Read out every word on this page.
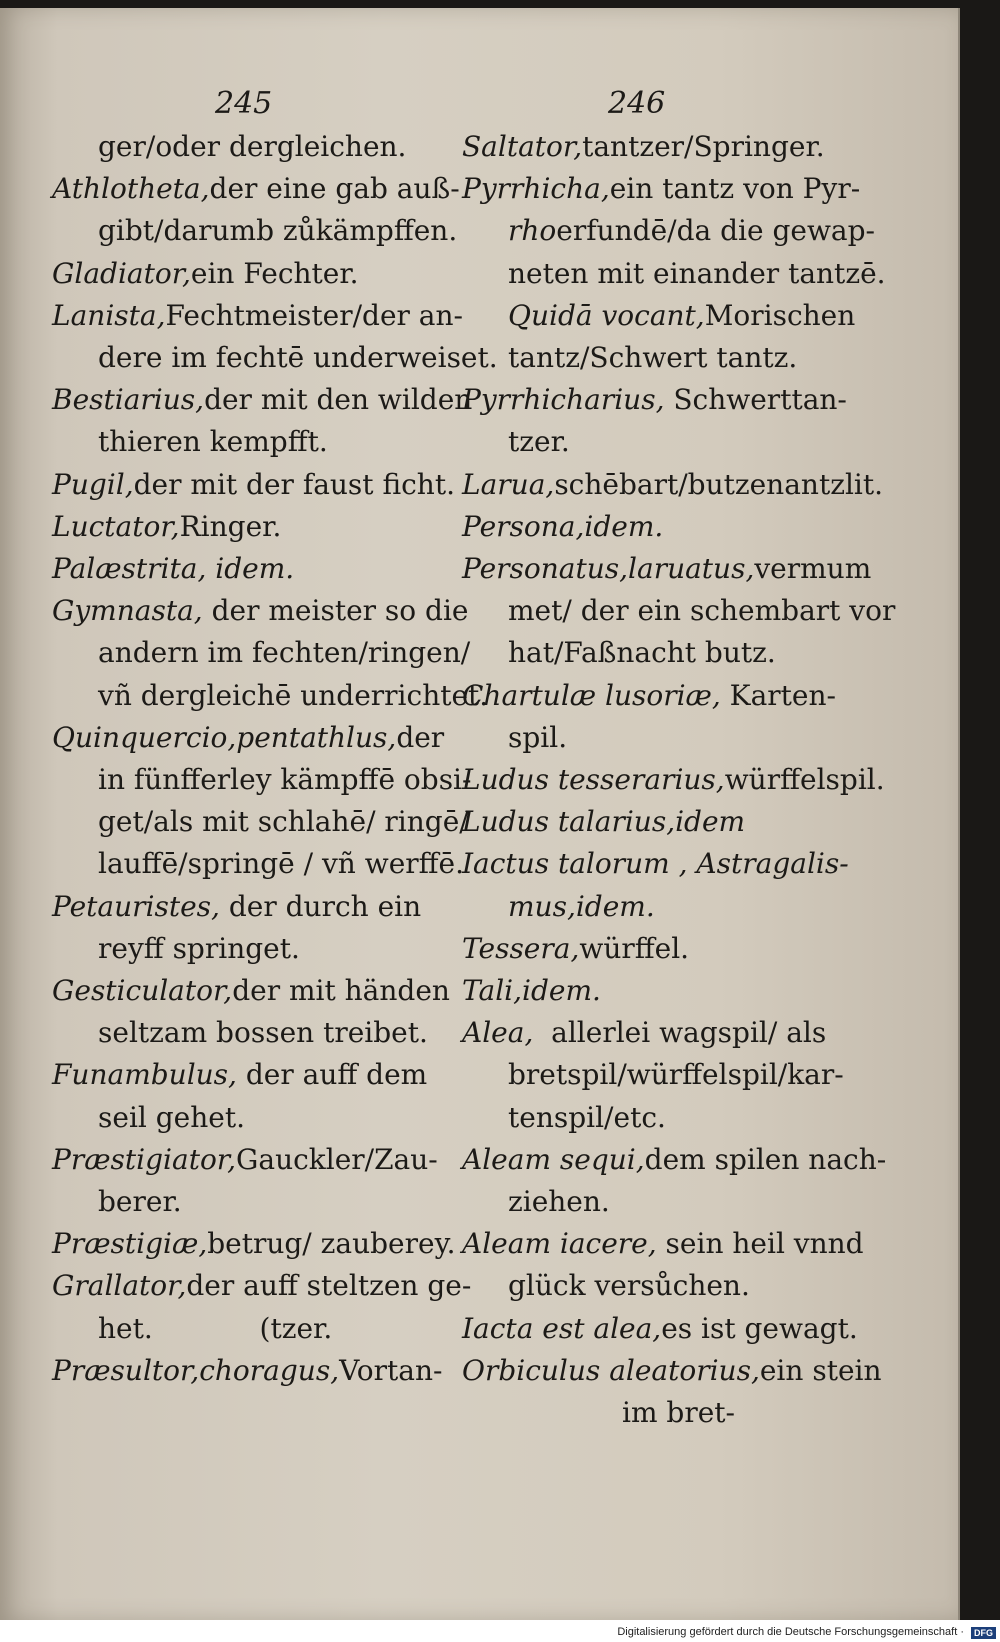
245	246
ger/oder dergleichen.
Athlotheta,der eine gab auß-
gibt/darumb zůkämpffen.
Gladiator,ein Fechter.
Lanista,Fechtmeister/der an-
dere im fechtē underweiset.
Bestiarius,der mit den wilden
thieren kempfft.
Pugil,der mit der faust ficht.
Luctator,Ringer.
Palæstrita, idem.
Gymnasta, der meister so die
andern im fechten/ringen/
vñ dergleichē underrichtet.
Quinquercio,pentathlus,der
in fünfferley kämpffē obsi-
get/als mit schlahē/ ringē/
lauffē/springē / vñ werffē.
Petauristes, der durch ein
reyff springet.
Gesticulator,der mit händen
seltzam bossen treibet.
Funambulus, der auff dem
seil gehet.
Præstigiator,Gauckler/Zau-
berer.
Præstigiæ,betrug/ zauberey.
Grallator,der auff steltzen ge-
het.            (tzer.
Præsultor,choragus,Vortan-
Saltator,tantzer/Springer.
Pyrrhicha,ein tantz von Pyr-
rhoerfundē/da die gewap-
neten mit einander tantzē.
Quidā vocant,Morischen
tantz/Schwert tantz.
Pyrrhicharius, Schwerttan-
tzer.
Larua,schēbart/butzenantzlit.
Persona,idem.
Personatus,laruatus,vermum
met/ der ein schembart vor
hat/Faßnacht butz.
Chartulæ lusoriæ, Karten-
spil.
Ludus tesserarius,würffelspil.
Ludus talarius,idem
Iactus talorum , Astragalis-
mus,idem.
Tessera,würffel.
Tali,idem.
Alea,  allerlei wagspil/ als
bretspil/würffelspil/kar-
tenspil/etc.
Aleam sequi,dem spilen nach-
ziehen.
Aleam iacere, sein heil vnnd
glück versůchen.
Iacta est alea,es ist gewagt.
Orbiculus aleatorius,ein stein
im bret-
Digitalisierung gefördert durch die Deutsche Forschungsgemeinschaft ·	DFG
